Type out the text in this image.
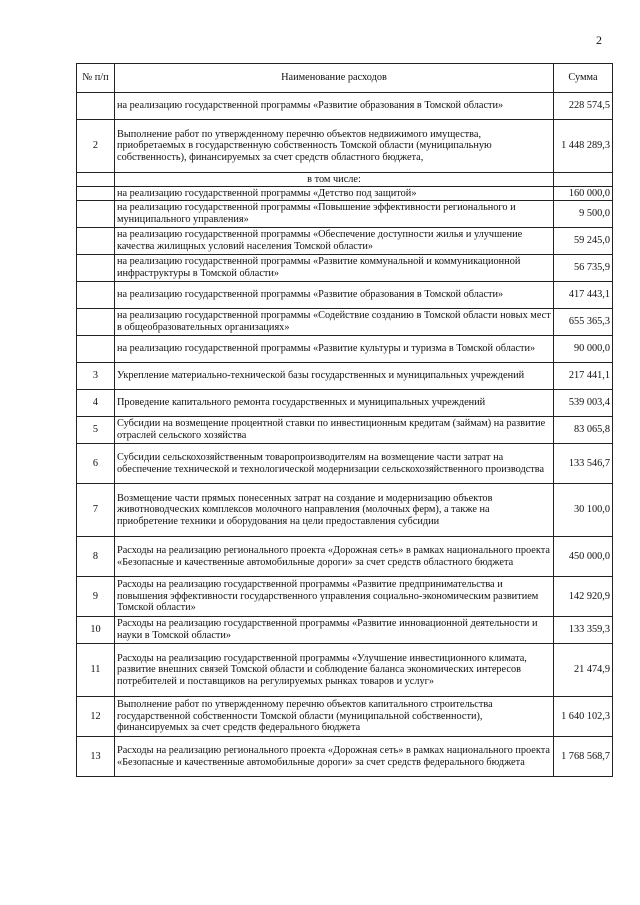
2
№ п/п	Наименование расходов	Сумма
	на реализацию государственной программы «Развитие образования в Томской области»	228 574,5
2	Выполнение работ по утвержденному перечню объектов недвижимого имущества, приобретаемых в государственную собственность Томской области (муниципальную собственность), финансируемых за счет средств областного бюджета,	1 448 289,3
	в том числе:	
	на реализацию государственной программы «Детство под защитой»	160 000,0
	на реализацию государственной программы «Повышение эффективности регионального и муниципального управления»	9 500,0
	на реализацию государственной программы «Обеспечение доступности жилья и улучшение качества жилищных условий населения Томской области»	59 245,0
	на реализацию государственной программы «Развитие коммунальной и коммуникационной инфраструктуры в Томской области»	56 735,9
	на реализацию государственной программы «Развитие образования в Томской области»	417 443,1
	на реализацию государственной программы «Содействие созданию в Томской области новых мест в общеобразовательных организациях»	655 365,3
	на реализацию государственной программы «Развитие культуры и туризма в Томской области»	90 000,0
3	Укрепление материально-технической базы государственных и муниципальных учреждений	217 441,1
4	Проведение капитального ремонта государственных и муниципальных учреждений	539 003,4
5	Субсидии на возмещение процентной ставки по инвестиционным кредитам (займам) на развитие отраслей сельского хозяйства	83 065,8
6	Субсидии сельскохозяйственным товаропроизводителям на возмещение части затрат на обеспечение технической и технологической модернизации сельскохозяйственного производства	133 546,7
7	Возмещение части прямых понесенных затрат на создание и модернизацию объектов животноводческих комплексов молочного направления (молочных ферм), а также на приобретение техники и оборудования на цели предоставления субсидии	30 100,0
8	Расходы на реализацию регионального проекта «Дорожная сеть» в рамках национального проекта «Безопасные и качественные автомобильные дороги» за счет средств областного бюджета	450 000,0
9	Расходы на реализацию государственной программы «Развитие предпринимательства и повышения эффективности государственного управления социально-экономическим развитием Томской области»	142 920,9
10	Расходы на реализацию государственной программы «Развитие инновационной деятельности и науки в Томской области»	133 359,3
11	Расходы на реализацию государственной программы «Улучшение инвестиционного климата, развитие внешних связей Томской области и соблюдение баланса экономических интересов потребителей и поставщиков на регулируемых рынках товаров и услуг»	21 474,9
12	Выполнение работ по утвержденному перечню объектов капитального строительства государственной собственности Томской области (муниципальной собственности), финансируемых за счет средств федерального бюджета	1 640 102,3
13	Расходы на реализацию регионального проекта «Дорожная сеть» в рамках национального проекта «Безопасные и качественные автомобильные дороги» за счет средств федерального бюджета	1 768 568,7
